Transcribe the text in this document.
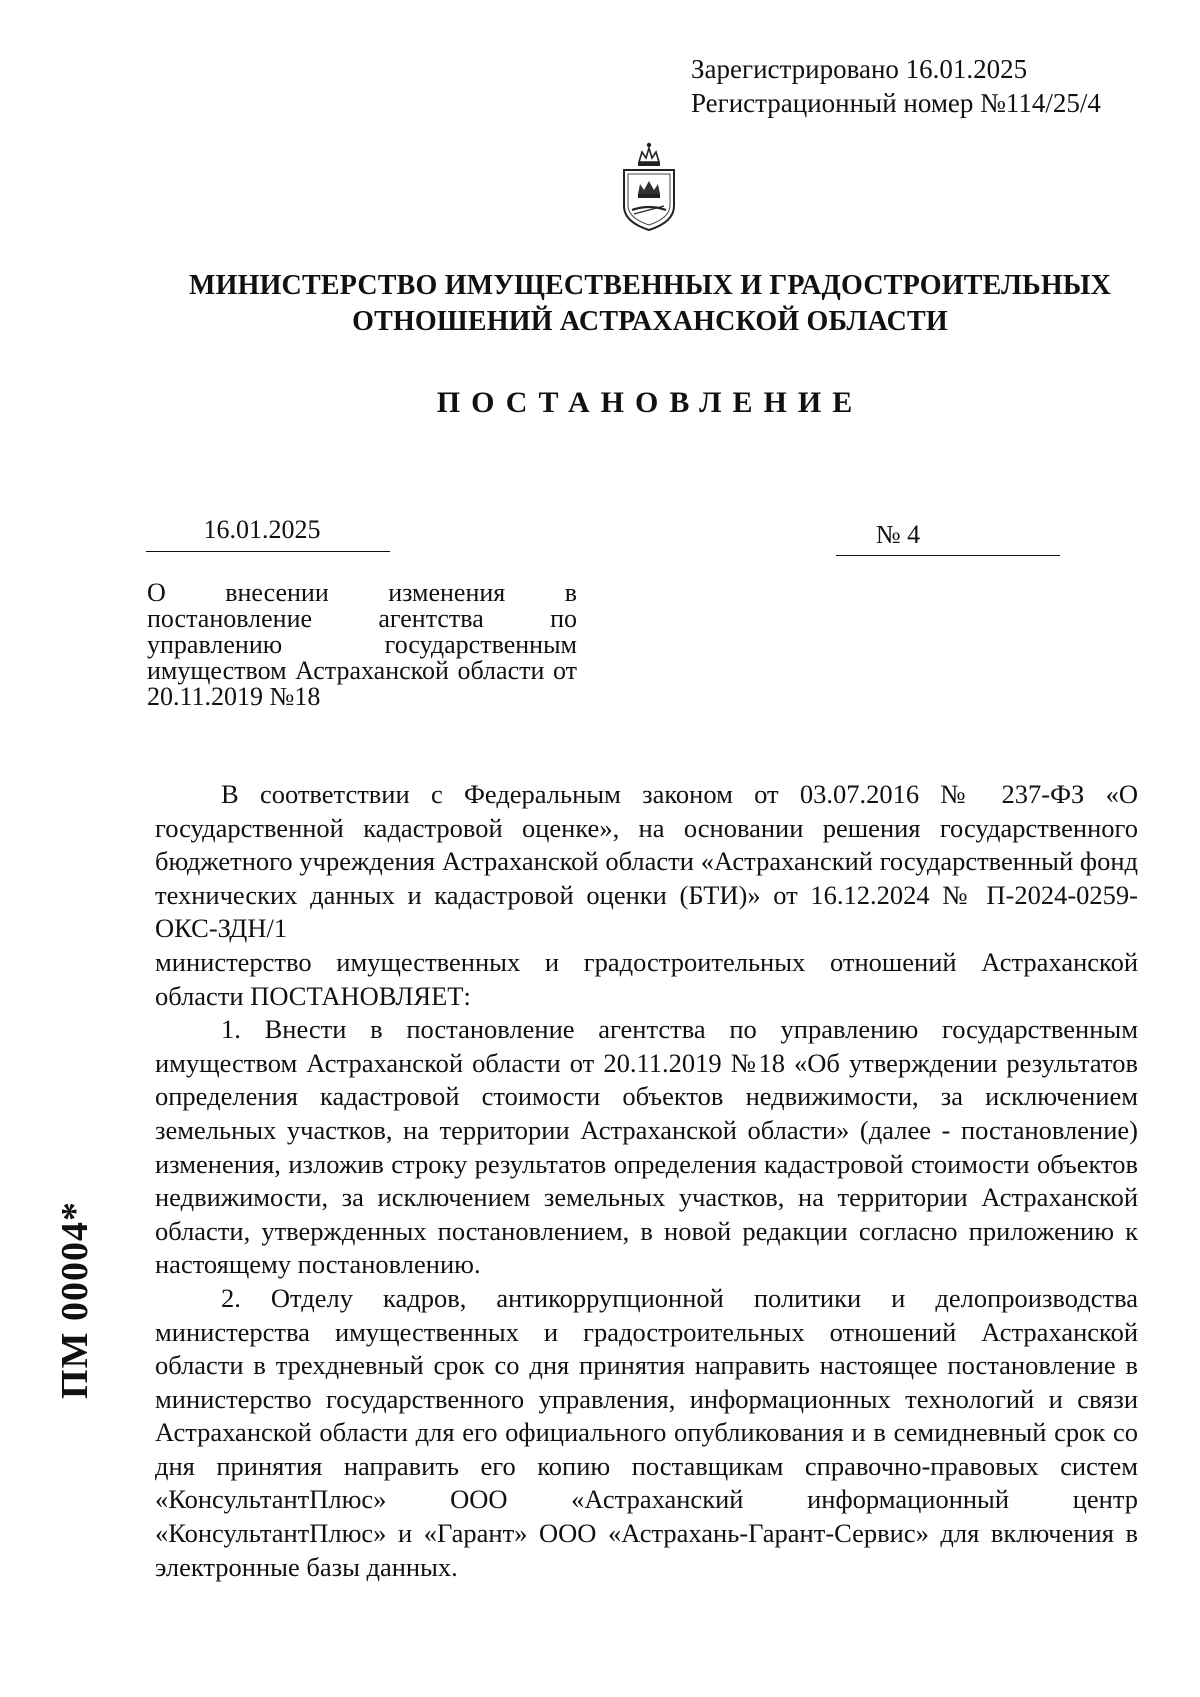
Зарегистрировано 16.01.2025
Регистрационный номер №114/25/4
МИНИСТЕРСТВО ИМУЩЕСТВЕННЫХ И ГРАДОСТРОИТЕЛЬНЫХ
ОТНОШЕНИЙ АСТРАХАНСКОЙ ОБЛАСТИ
ПОСТАНОВЛЕНИЕ
16.01.2025	№ 4
О внесении изменения в постановление агентства по управлению государственным имуществом Астраханской области от 20.11.2019 №18

В соответствии с Федеральным законом от 03.07.2016 № 237-ФЗ «О государственной кадастровой оценке», на основании решения государственного бюджетного учреждения Астраханской области «Астраханский государственный фонд технических данных и кадастровой оценки (БТИ)» от 16.12.2024 № П-2024-0259-ОКС-ЗДН/1

министерство имущественных и градостроительных отношений Астраханской области ПОСТАНОВЛЯЕТ:

1. Внести в постановление агентства по управлению государственным имуществом Астраханской области от 20.11.2019 №18 «Об утверждении результатов определения кадастровой стоимости объектов недвижимости, за исключением земельных участков, на территории Астраханской области» (далее - постановление) изменения, изложив строку результатов определения кадастровой стоимости объектов недвижимости, за исключением земельных участков, на территории Астраханской области, утвержденных постановлением, в новой редакции согласно приложению к настоящему постановлению.

2. Отделу кадров, антикоррупционной политики и делопроизводства министерства имущественных и градостроительных отношений Астраханской области в трехдневный срок со дня принятия направить настоящее постановление в министерство государственного управления, информационных технологий и связи Астраханской области для его официального опубликования и в семидневный срок со дня принятия направить его копию поставщикам справочно-правовых систем «КонсультантПлюс» ООО «Астраханский информационный центр «КонсультантПлюс» и «Гарант» ООО «Астрахань-Гарант-Сервис» для включения в электронные базы данных.

ПМ 00004*
